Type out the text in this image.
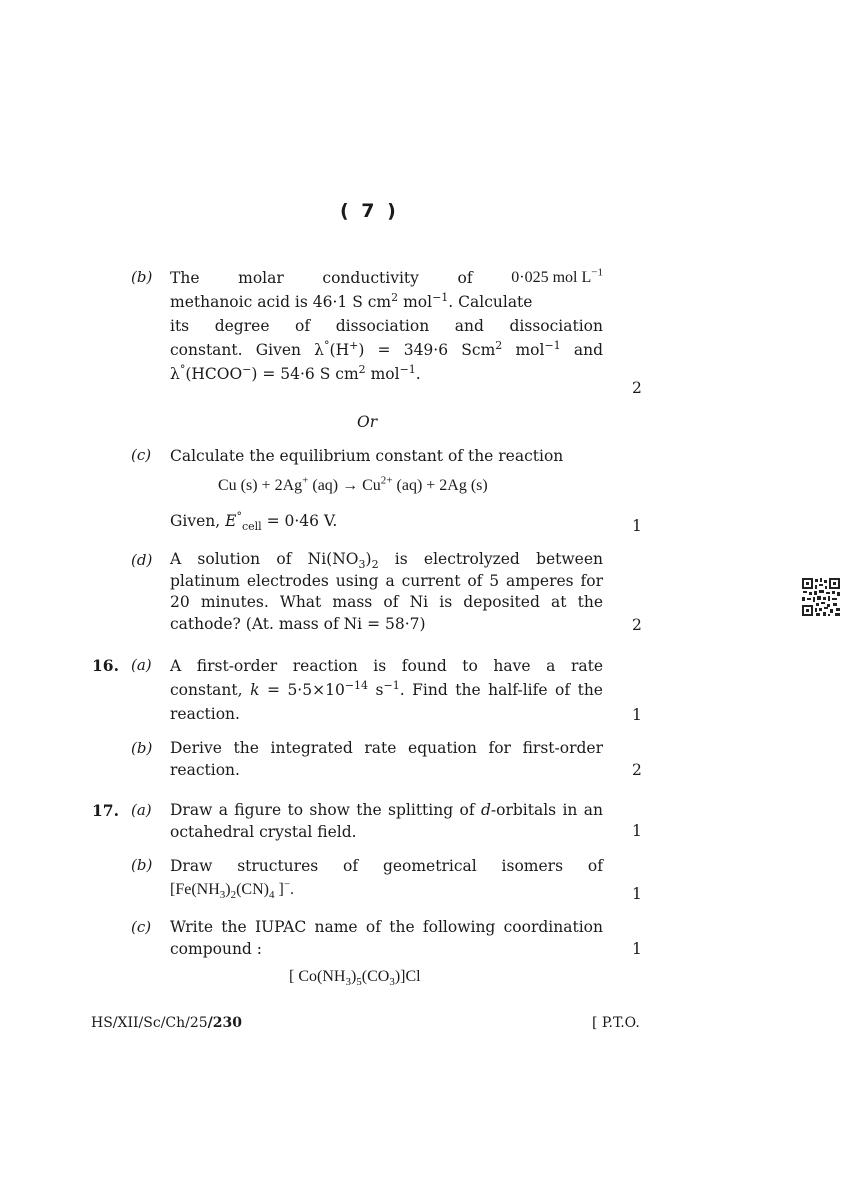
( 7 )
(b) The molar conductivity of 0·025 mol $L^{-1}$

methanoic acid is 46·1 S $cm^2$ mol$^{-1}$. Calculate

its degree of dissociation and dissociation

constant. Given λ°(H+) = 349·6 Scm$^2$ mol$^{-1}$ and

λ°(HCOO−) = 54·6 S $cm^2$ mol$^{-1}$.

2
Or
(c) Calculate the equilibrium constant of the reaction
Cu (s) + 2Ag+ $(aq) \to Cu^{2+}$ (aq) + 2Ag (s)
Given, $E^\circ_{cell} = 0\cdot 46$ V.	1
(d) A solution of $Ni(NO_3)_2$ is electrolyzed between

platinum electrodes using a current of 5 amperes for

20 minutes. What mass of Ni is deposited at the

cathode? (At. mass of Ni = 58·7)	2
16. (a) A first-order reaction is found to have a rate

constant, $k = 5\cdot 5\times 10^{-14}$ $s^{-1}$. Find the half-life of the

reaction.	1
(b) Derive the integrated rate equation for first-order

reaction.	2
17. (a) Draw a figure to show the splitting of d-orbitals in an

octahedral crystal field.	1
(b) Draw structures of geometrical isomers of

[$Fe(NH_3)_2(CN)_4$ ]−.	1
(c) Write the IUPAC name of the following coordination

compound :	1
[ $Co(NH_3)_5(CO_3)]Cl$
HS/XII/Sc/Ch/25/230	[ P.T.O.
